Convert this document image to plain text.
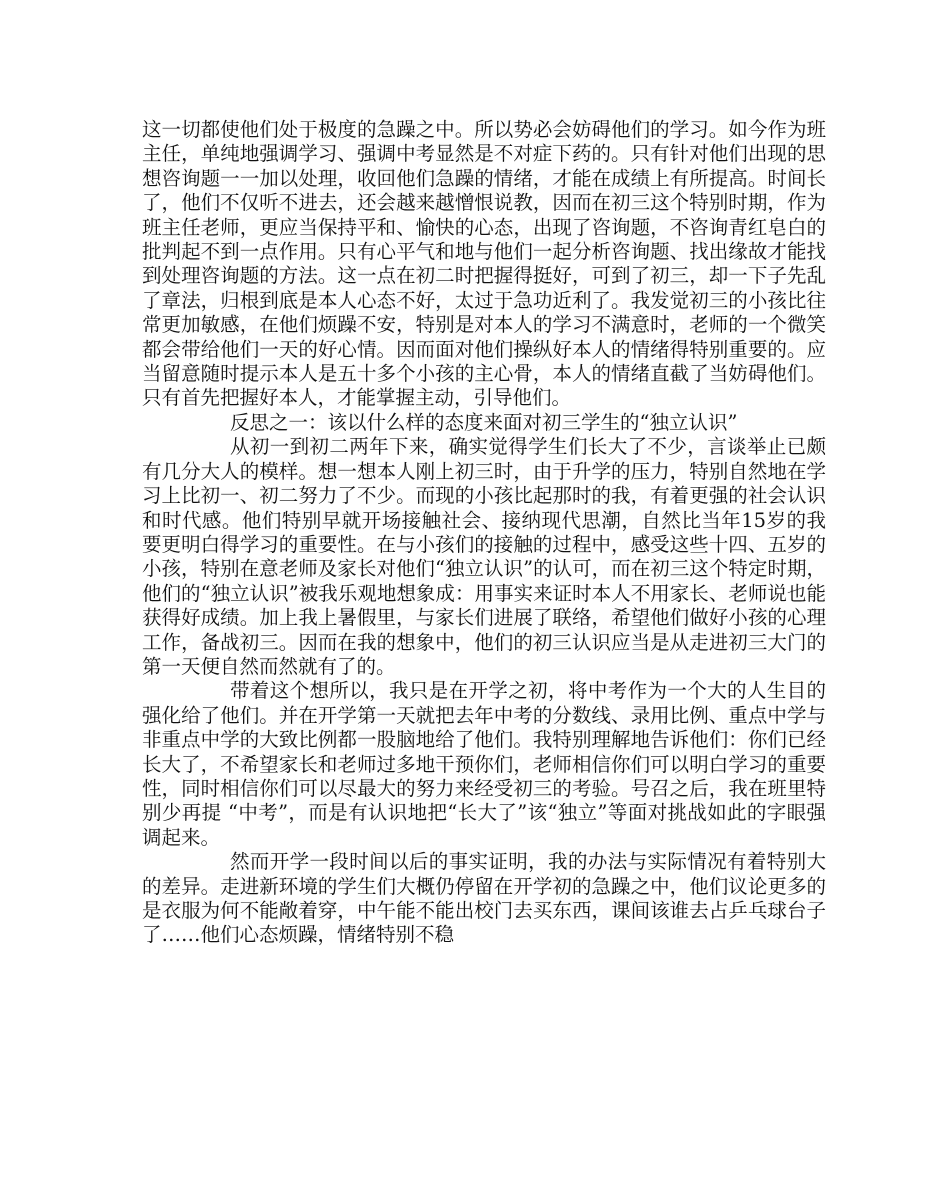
这一切都使他们处于极度的急躁之中。所以势必会妨碍他们的学习。如今作为班主任，单纯地强调学习、强调中考显然是不对症下药的。只有针对他们出现的思想咨询题一一加以处理，收回他们急躁的情绪，才能在成绩上有所提高。时间长了，他们不仅听不进去，还会越来越憎恨说教，因而在初三这个特别时期，作为班主任老师，更应当保持平和、愉快的心态，出现了咨询题，不咨询青红皂白的批判起不到一点作用。只有心平气和地与他们一起分析咨询题、找出缘故才能找到处理咨询题的方法。这一点在初二时把握得挺好，可到了初三，却一下子先乱了章法，归根到底是本人心态不好，太过于急功近利了。我发觉初三的小孩比往常更加敏感，在他们烦躁不安，特别是对本人的学习不满意时，老师的一个微笑都会带给他们一天的好心情。因而面对他们操纵好本人的情绪得特别重要的。应当留意随时提示本人是五十多个小孩的主心骨，本人的情绪直截了当妨碍他们。只有首先把握好本人，才能掌握主动，引导他们。

反思之一：该以什么样的态度来面对初三学生的“独立认识”

从初一到初二两年下来，确实觉得学生们长大了不少，言谈举止已颇有几分大人的模样。想一想本人刚上初三时，由于升学的压力，特别自然地在学习上比初一、初二努力了不少。而现的小孩比起那时的我，有着更强的社会认识和时代感。他们特别早就开场接触社会、接纳现代思潮，自然比当年15岁的我要更明白得学习的重要性。在与小孩们的接触的过程中，感受这些十四、五岁的小孩，特别在意老师及家长对他们“独立认识”的认可，而在初三这个特定时期，他们的“独立认识”被我乐观地想象成：用事实来证时本人不用家长、老师说也能获得好成绩。加上我上暑假里，与家长们进展了联络，希望他们做好小孩的心理工作，备战初三。因而在我的想象中，他们的初三认识应当是从走进初三大门的第一天便自然而然就有了的。

带着这个想所以，我只是在开学之初，将中考作为一个大的人生目的强化给了他们。并在开学第一天就把去年中考的分数线、录用比例、重点中学与非重点中学的大致比例都一股脑地给了他们。我特别理解地告诉他们：你们已经长大了，不希望家长和老师过多地干预你们，老师相信你们可以明白学习的重要性，同时相信你们可以尽最大的努力来经受初三的考验。号召之后，我在班里特别少再提 “中考”，而是有认识地把“长大了”该“独立”等面对挑战如此的字眼强调起来。

然而开学一段时间以后的事实证明，我的办法与实际情况有着特别大的差异。走进新环境的学生们大概仍停留在开学初的急躁之中，他们议论更多的是衣服为何不能敞着穿，中午能不能出校门去买东西，课间该谁去占乒乓球台子了……他们心态烦躁，情绪特别不稳
